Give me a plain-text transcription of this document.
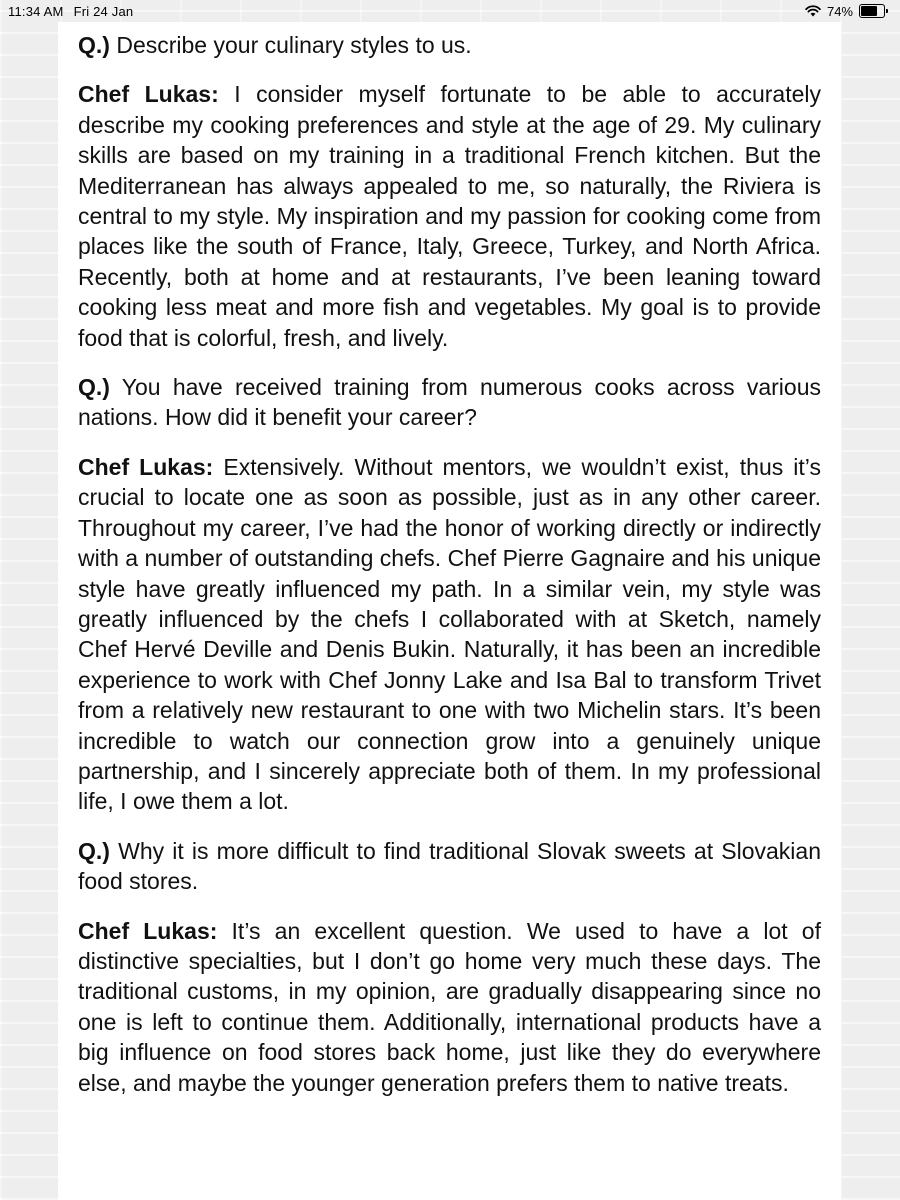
11:34 AM Fri 24 Jan	74%

Q.) Describe your culinary styles to us.

Chef Lukas: I consider myself fortunate to be able to accurately describe my cooking preferences and style at the age of 29. My culinary skills are based on my training in a traditional French kitchen. But the Mediterranean has always appealed to me, so naturally, the Riviera is central to my style. My inspiration and my passion for cooking come from places like the south of France, Italy, Greece, Turkey, and North Africa. Recently, both at home and at restaurants, I’ve been leaning toward cooking less meat and more fish and vegetables. My goal is to provide food that is colorful, fresh, and lively.

Q.) You have received training from numerous cooks across various nations. How did it benefit your career?

Chef Lukas: Extensively. Without mentors, we wouldn’t exist, thus it’s crucial to locate one as soon as possible, just as in any other career. Throughout my career, I’ve had the honor of working directly or indirectly with a number of outstanding chefs. Chef Pierre Gagnaire and his unique style have greatly influenced my path. In a similar vein, my style was greatly influenced by the chefs I collaborated with at Sketch, namely Chef Hervé Deville and Denis Bukin. Naturally, it has been an incredible experience to work with Chef Jonny Lake and Isa Bal to transform Trivet from a relatively new restaurant to one with two Michelin stars. It’s been incredible to watch our connection grow into a genuinely unique partnership, and I sincerely appreciate both of them. In my professional life, I owe them a lot.

Q.) Why it is more difficult to find traditional Slovak sweets at Slovakian food stores.

Chef Lukas: It’s an excellent question. We used to have a lot of distinctive specialties, but I don’t go home very much these days. The traditional customs, in my opinion, are gradually disappearing since no one is left to continue them. Additionally, international products have a big influence on food stores back home, just like they do everywhere else, and maybe the younger generation prefers them to native treats.
